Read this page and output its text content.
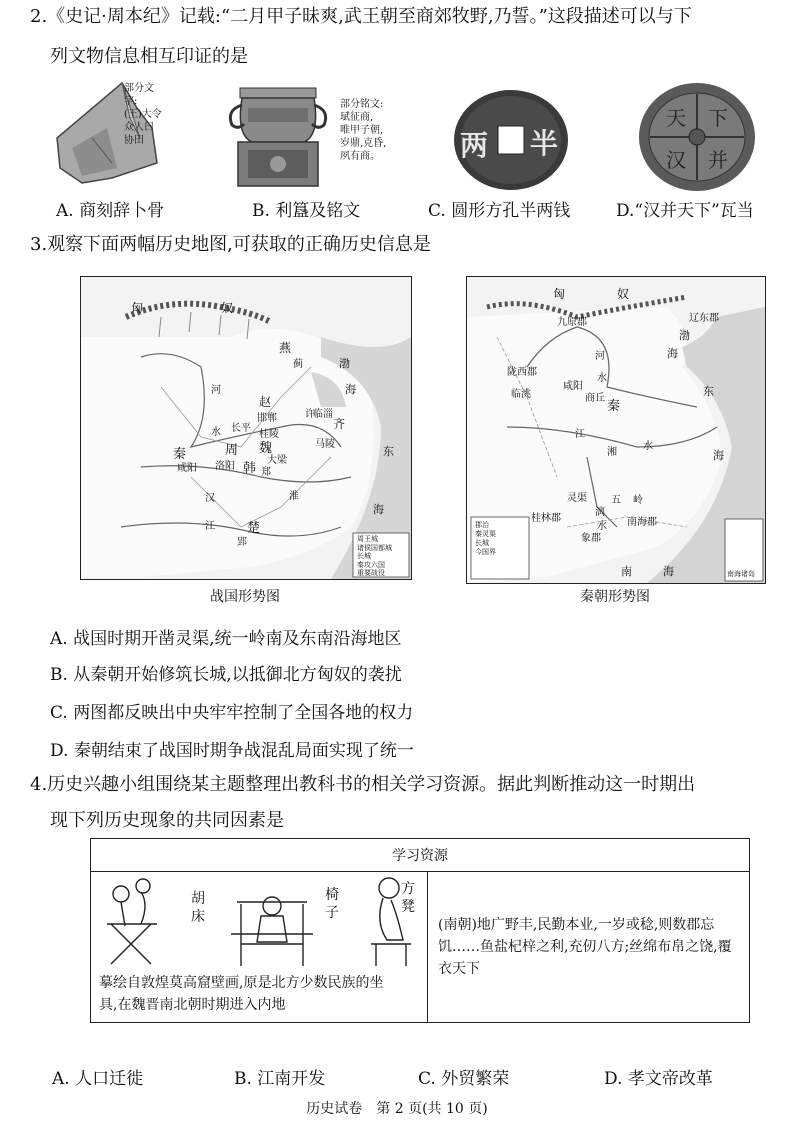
2.《史记·周本纪》记载:“二月甲子昧爽,武王朝至商郊牧野,乃誓。”这段描述可以与下

列文物信息相互印证的是

部分文字:
(王)大令
众人曰
协田
部分铭文:
珷征商,
唯甲子朝,
岁鼎,克昏,
夙有商。	两 半
天 下
并
汉
A. 商刻辞卜骨	B. 利簋及铭文	C. 圆形方孔半两钱	D.“汉并天下”瓦当

3.观察下面两幅历史地图,可获取的正确历史信息是

匈	奴
燕
蓟	渤
海
赵
邯郸	临淄
齐
周 魏
大梁
洛阳 韩 郑
秦
咸阳
楚
郢
东
海
河
水
汉
江
淮
长平
桂陵
马陵
许
周王城
诸侯国都城
长城
秦攻六国
重要战役
战国形势图
匈	奴
九原郡	辽东郡
陇西郡
临洮
咸阳
商丘
秦
渤
海
东
海
南	海
河
水
江
湘
水
灵渠 五 岭
桂林郡	南海郡
象郡
漓
水
郡治
秦灵渠
长城
今国界
南海诸岛
秦朝形势图
A. 战国时期开凿灵渠,统一岭南及东南沿海地区
B. 从秦朝开始修筑长城,以抵御北方匈奴的袭扰
C. 两图都反映出中央牢牢控制了全国各地的权力
D. 秦朝结束了战国时期争战混乱局面实现了统一

4.历史兴趣小组围绕某主题整理出教科书的相关学习资源。据此判断推动这一时期出

现下列历史现象的共同因素是

学习资源

胡床
椅子
方凳
摹绘自敦煌莫高窟壁画,原是北方少数民族的坐具,在魏晋南北朝时期进入内地
	(南朝)地广野丰,民勤本业,一岁或稔,则数郡忘饥……鱼盐杞梓之利,充仞八方;丝绵布帛之饶,覆衣天下
A. 人口迁徙	B. 江南开发	C. 外贸繁荣	D. 孝文帝改革
历史试卷　第 2 页(共 10 页)
